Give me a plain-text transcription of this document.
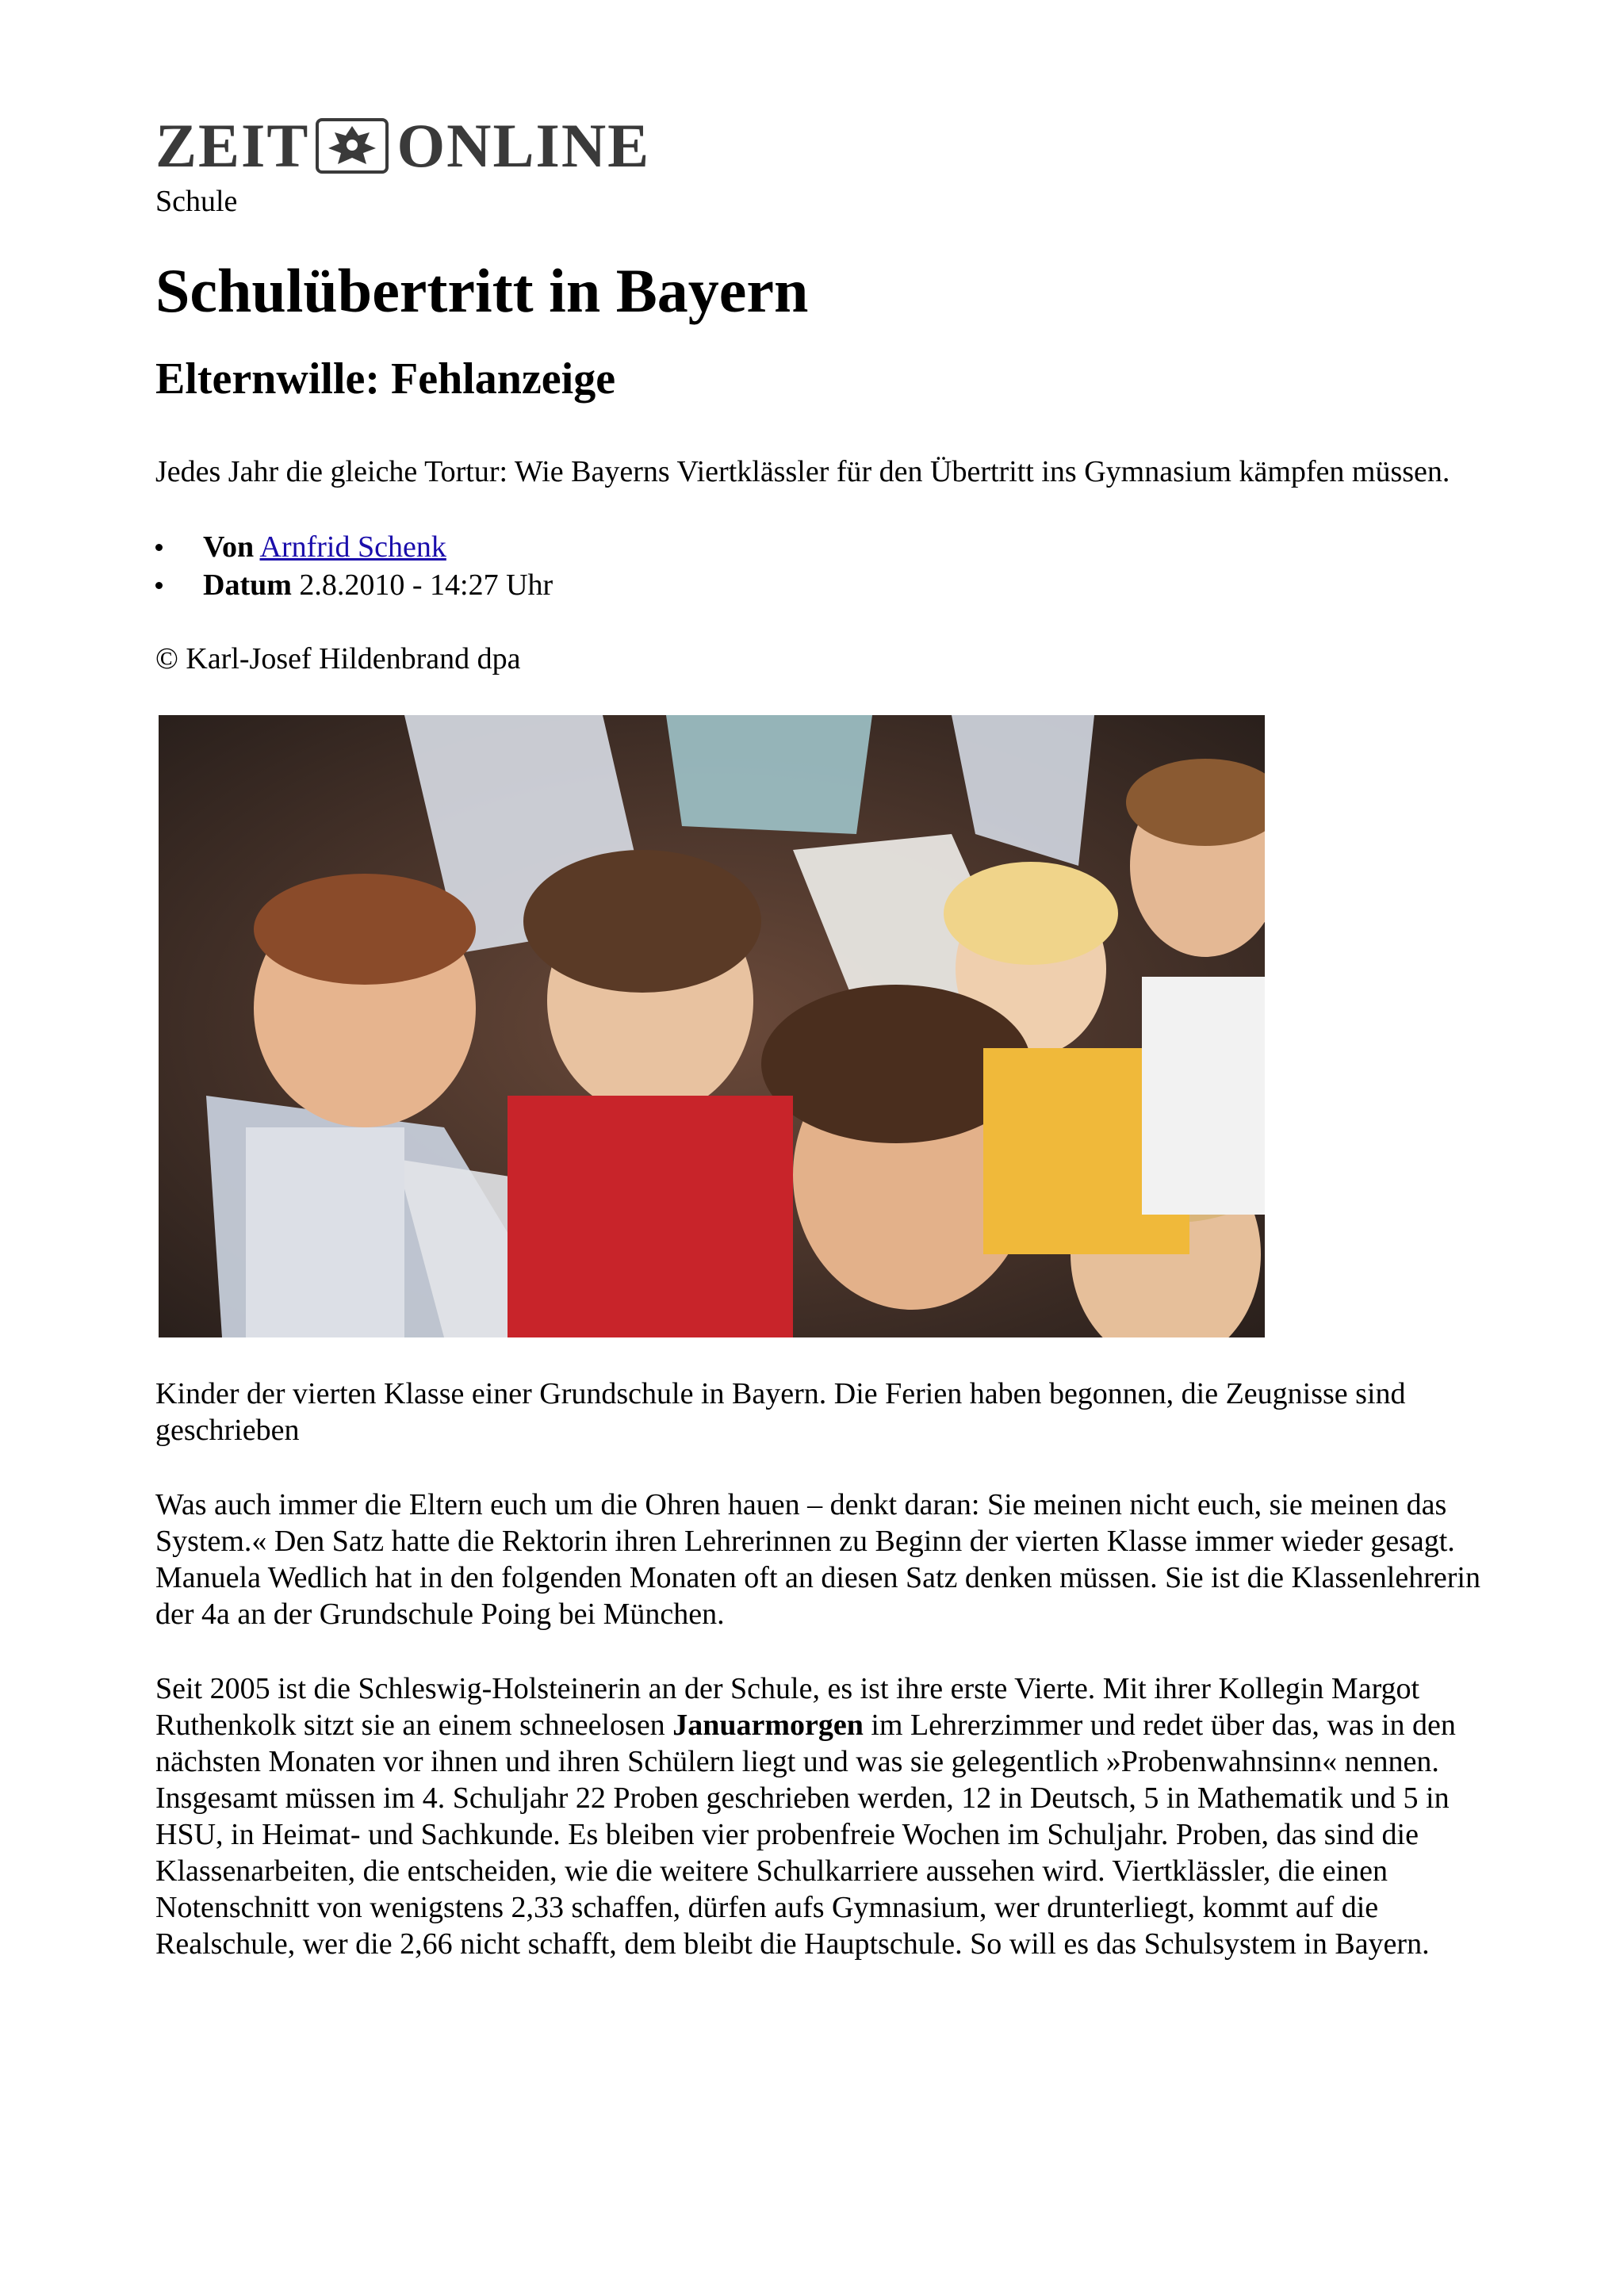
ZEIT ONLINE
Schule
Schulübertritt in Bayern
Elternwille: Fehlanzeige

Jedes Jahr die gleiche Tortur: Wie Bayerns Viertklässler für den Übertritt ins Gymnasium kämpfen müssen.

Von Arnfrid Schenk
Datum 2.8.2010 - 14:27 Uhr

© Karl-Josef Hildenbrand dpa

Kinder der vierten Klasse einer Grundschule in Bayern. Die Ferien haben begonnen, die Zeugnisse sind geschrieben

Was auch immer die Eltern euch um die Ohren hauen – denkt daran: Sie meinen nicht euch, sie meinen das System.« Den Satz hatte die Rektorin ihren Lehrerinnen zu Beginn der vierten Klasse immer wieder gesagt. Manuela Wedlich hat in den folgenden Monaten oft an diesen Satz denken müssen. Sie ist die Klassenlehrerin der 4a an der Grundschule Poing bei München.

Seit 2005 ist die Schleswig-Holsteinerin an der Schule, es ist ihre erste Vierte. Mit ihrer Kollegin Margot Ruthenkolk sitzt sie an einem schneelosen Januarmorgen im Lehrerzimmer und redet über das, was in den nächsten Monaten vor ihnen und ihren Schülern liegt und was sie gelegentlich »Probenwahnsinn« nennen. Insgesamt müssen im 4. Schuljahr 22 Proben geschrieben werden, 12 in Deutsch, 5 in Mathematik und 5 in HSU, in Heimat- und Sachkunde. Es bleiben vier probenfreie Wochen im Schuljahr. Proben, das sind die Klassenarbeiten, die entscheiden, wie die weitere Schulkarriere aussehen wird. Viertklässler, die einen Notenschnitt von wenigstens 2,33 schaffen, dürfen aufs Gymnasium, wer drunterliegt, kommt auf die Realschule, wer die 2,66 nicht schafft, dem bleibt die Hauptschule. So will es das Schulsystem in Bayern.
